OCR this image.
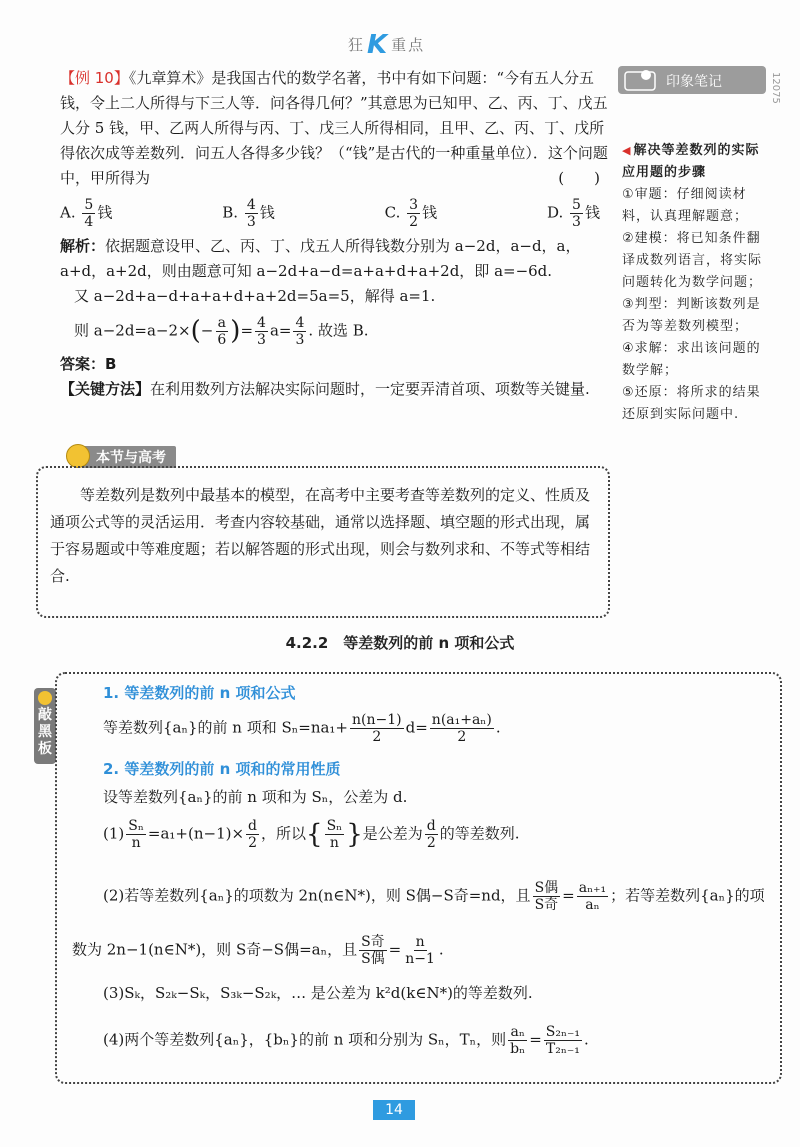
狂K 重点
【例 10】《九章算术》是我国古代的数学名著，书中有如下问题：“今有五人分五钱，令上二人所得与下三人等．问各得几何？”其意思为已知甲、乙、丙、丁、戊五人分 5 钱，甲、乙两人所得与丙、丁、戊三人所得相同，且甲、乙、丙、丁、戊所得依次成等差数列．问五人各得多少钱？（“钱”是古代的一种重量单位）．这个问题中，甲所得为	(　　)
A. $\frac{5}{4}$ 钱	B. $\frac{4}{3}$ 钱	C. $\frac{3}{2}$ 钱	D. $\frac{5}{3}$ 钱
解析：依据题意设甲、乙、丙、丁、戊五人所得钱数分别为 a−2d，a−d，a，a+d，a+2d，则由题意可知 a−2d+a−d=a+a+d+a+2d，即 a=−6d.
又 a−2d+a−d+a+a+d+a+2d=5a=5，解得 a=1.
则 $a-2d=a-2\times(- \frac{a}{6}$ )= $\frac{4}{3} a= \frac{4}{3}$ . 故选 B.
答案：B
【关键方法】在利用数列方法解决实际问题时，一定要弄清首项、项数等关键量.
印象笔记	12075
◀ 解决等差数列的实际应用题的步骤
①审题：仔细阅读材料，认真理解题意；
②建模：将已知条件翻译成数列语言，将实际问题转化为数学问题；
③判型：判断该数列是否为等差数列模型；
④求解：求出该问题的数学解；
⑤还原：将所求的结果还原到实际问题中.
本节与高考
　　等差数列是数列中最基本的模型，在高考中主要考查等差数列的定义、性质及通项公式等的灵活运用．考查内容较基础，通常以选择题、填空题的形式出现，属于容易题或中等难度题；若以解答题的形式出现，则会与数列求和、不等式等相结合.
4.2.2　等差数列的前 n 项和公式
敲
黑
板
1. 等差数列的前 n 项和公式
等差数列{aₙ}的前 n 项和 $S_n=na_1+ \frac{n(n-1)}{2} d= \frac{\text{n(a₁+aₙ)}}{2}$ .
2. 等差数列的前 n 项和的常用性质
设等差数列{aₙ}的前 n 项和为 Sₙ，公差为 d.
$(1) \frac{\text{Sₙ}}{n} =a_1+(n-1)\times \frac{d}{2}$ ，所以{ $\frac{\text{Sₙ}}{n}$ }是公差为 $\frac{d}{2}$ 的等差数列.
(2)若等差数列{aₙ}的项数为 2n(n∈N*)，则 S偶−S奇=nd，且 $\frac{\text{S偶}}{\text{S奇}} = \frac{\text{aₙ₊₁}}{\text{aₙ}}$ ；若等差数列{aₙ}的项
数为 2n−1(n∈N*)，则 S奇−S偶=aₙ，且 $\frac{\text{S奇}}{\text{S偶}} = \frac{n}{n-1}$ .
(3)Sₖ，S₂ₖ−Sₖ，S₃ₖ−S₂ₖ，… 是公差为 k²d(k∈N*)的等差数列.
(4)两个等差数列{aₙ}，{bₙ}的前 n 项和分别为 Sₙ，Tₙ，则 $\frac{\text{aₙ}}{\text{bₙ}} = \frac{\text{S₂ₙ₋₁}}{\text{T₂ₙ₋₁}}$ .
14
